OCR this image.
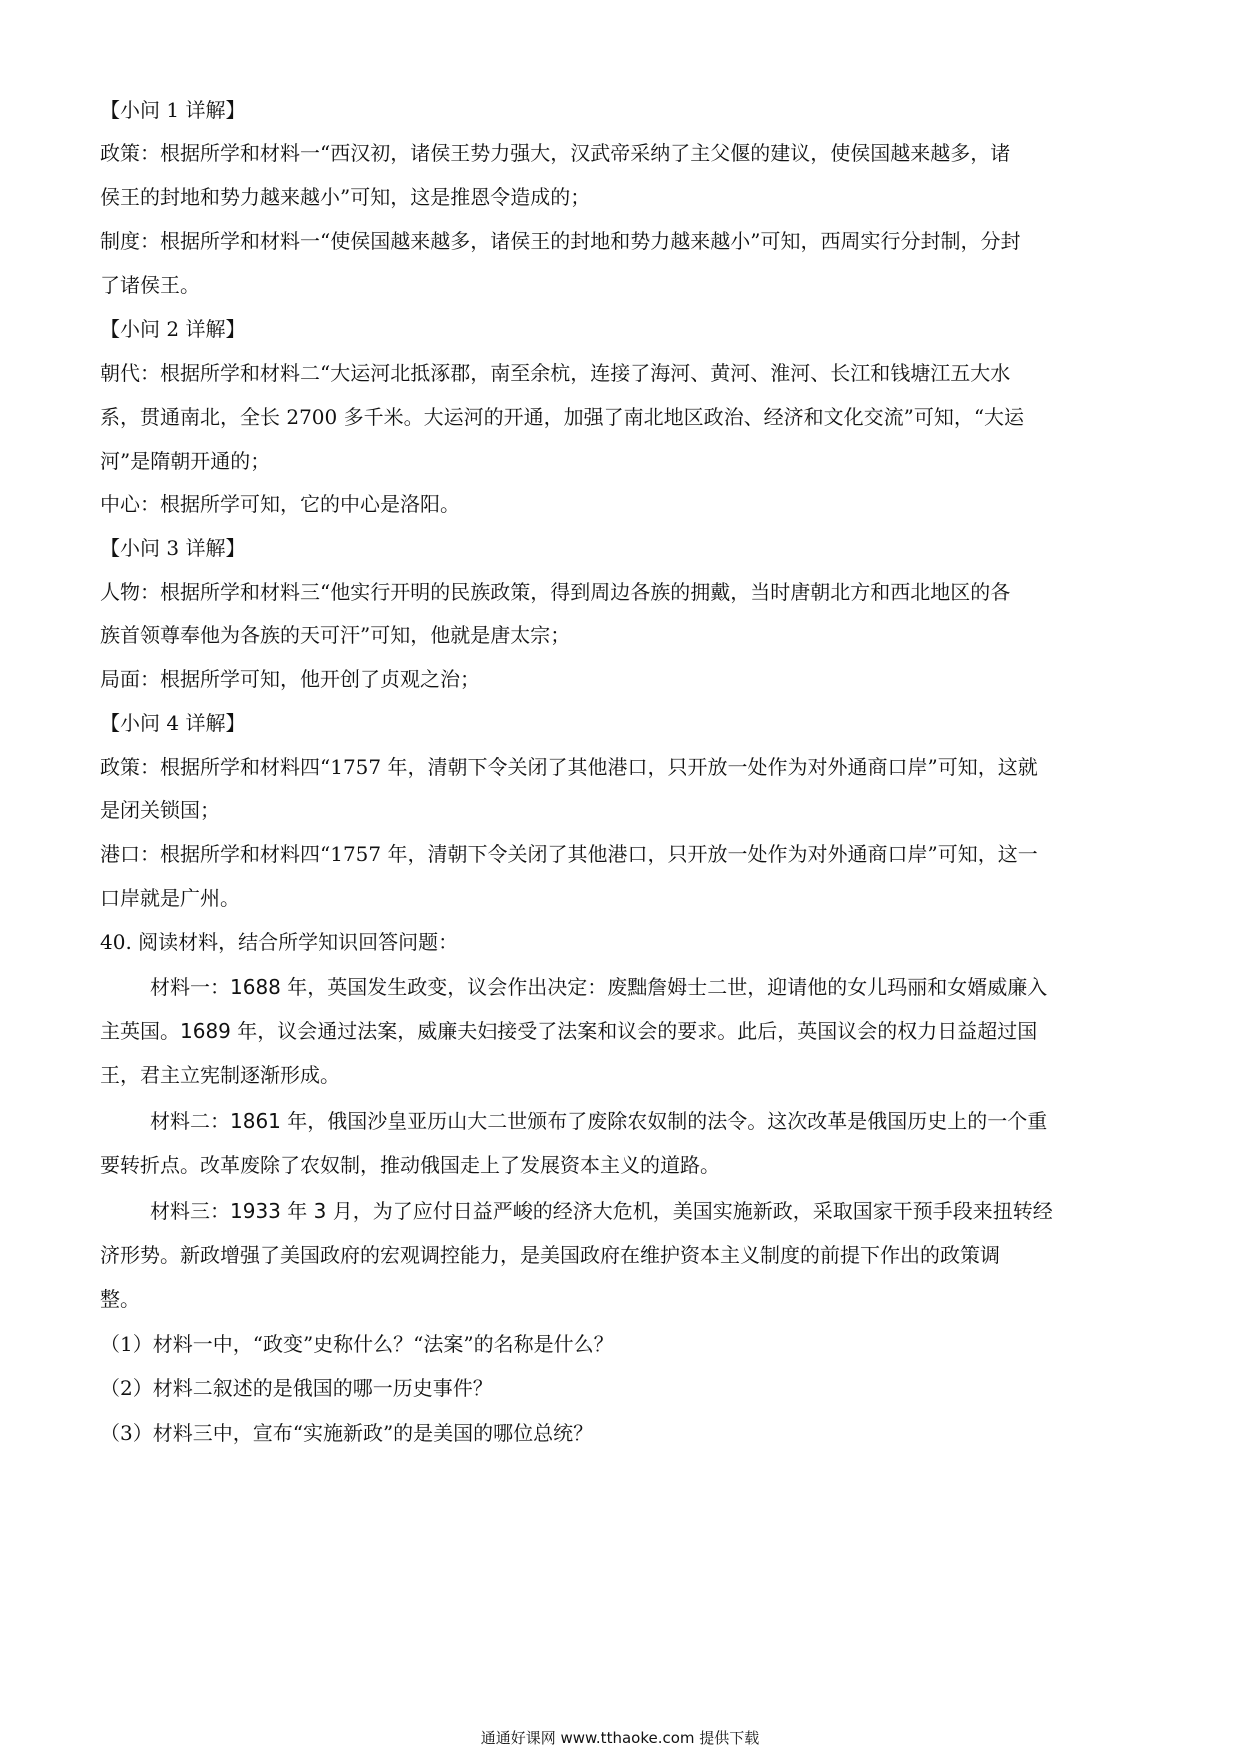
【小问 1 详解】
政策：根据所学和材料一“西汉初，诸侯王势力强大，汉武帝采纳了主父偃的建议，使侯国越来越多，诸
侯王的封地和势力越来越小”可知，这是推恩令造成的；
制度：根据所学和材料一“使侯国越来越多，诸侯王的封地和势力越来越小”可知，西周实行分封制，分封
了诸侯王。
【小问 2 详解】
朝代：根据所学和材料二“大运河北抵涿郡，南至余杭，连接了海河、黄河、淮河、长江和钱塘江五大水
系，贯通南北，全长 2700 多千米。大运河的开通，加强了南北地区政治、经济和文化交流”可知，“大运
河”是隋朝开通的；
中心：根据所学可知，它的中心是洛阳。
【小问 3 详解】
人物：根据所学和材料三“他实行开明的民族政策，得到周边各族的拥戴，当时唐朝北方和西北地区的各
族首领尊奉他为各族的天可汗”可知，他就是唐太宗；
局面：根据所学可知，他开创了贞观之治；
【小问 4 详解】
政策：根据所学和材料四“1757 年，清朝下令关闭了其他港口，只开放一处作为对外通商口岸”可知，这就
是闭关锁国；
港口：根据所学和材料四“1757 年，清朝下令关闭了其他港口，只开放一处作为对外通商口岸”可知，这一
口岸就是广州。
40. 阅读材料，结合所学知识回答问题：
材料一：1688 年，英国发生政变，议会作出决定：废黜詹姆士二世，迎请他的女儿玛丽和女婿威廉入
主英国。1689 年，议会通过法案，威廉夫妇接受了法案和议会的要求。此后，英国议会的权力日益超过国
王，君主立宪制逐渐形成。
材料二：1861 年，俄国沙皇亚历山大二世颁布了废除农奴制的法令。这次改革是俄国历史上的一个重
要转折点。改革废除了农奴制，推动俄国走上了发展资本主义的道路。
材料三：1933 年 3 月，为了应付日益严峻的经济大危机，美国实施新政，采取国家干预手段来扭转经
济形势。新政增强了美国政府的宏观调控能力，是美国政府在维护资本主义制度的前提下作出的政策调
整。
（1）材料一中，“政变”史称什么？“法案”的名称是什么？
（2）材料二叙述的是俄国的哪一历史事件？
（3）材料三中，宣布“实施新政”的是美国的哪位总统？
通通好课网 www.tthaoke.com 提供下载
